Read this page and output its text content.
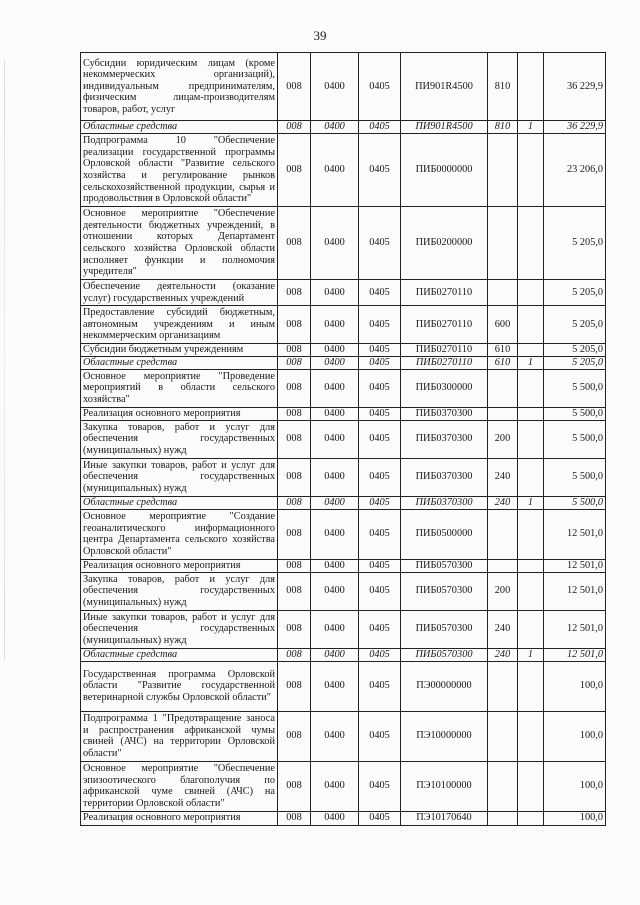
39
Субсидии юридическим лицам (кроме некоммерческих организаций), индивидуальным предпринимателям, физическим лицам-производителям товаров, работ, услуг	008	0400	0405	ПИ901R4500	810		36 229,9
Областные средства	008	0400	0405	ПИ901R4500	810	1	36 229,9
Подпрограмма 10 "Обеспечение реализации государственной программы Орловской области "Развитие сельского хозяйства и регулирование рынков сельскохозяйственной продукции, сырья и продовольствия в Орловской области"	008	0400	0405	ПИБ0000000			23 206,0
Основное мероприятие "Обеспечение деятельности бюджетных учреждений, в отношении которых Департамент сельского хозяйства Орловской области исполняет функции и полномочия учредителя"	008	0400	0405	ПИБ0200000			5 205,0
Обеспечение деятельности (оказание услуг) государственных учреждений	008	0400	0405	ПИБ0270110			5 205,0
Предоставление субсидий бюджетным, автономным учреждениям и иным некоммерческим организациям	008	0400	0405	ПИБ0270110	600		5 205,0
Субсидии бюджетным учреждениям	008	0400	0405	ПИБ0270110	610		5 205,0
Областные средства	008	0400	0405	ПИБ0270110	610	1	5 205,0
Основное мероприятие "Проведение мероприятий в области сельского хозяйства"	008	0400	0405	ПИБ0300000			5 500,0
Реализация основного мероприятия	008	0400	0405	ПИБ0370300			5 500,0
Закупка товаров, работ и услуг для обеспечения государственных (муниципальных) нужд	008	0400	0405	ПИБ0370300	200		5 500,0
Иные закупки товаров, работ и услуг для обеспечения государственных (муниципальных) нужд	008	0400	0405	ПИБ0370300	240		5 500,0
Областные средства	008	0400	0405	ПИБ0370300	240	1	5 500,0
Основное мероприятие "Создание геоаналитического информационного центра Департамента сельского хозяйства Орловской области"	008	0400	0405	ПИБ0500000			12 501,0
Реализация основного мероприятия	008	0400	0405	ПИБ0570300			12 501,0
Закупка товаров, работ и услуг для обеспечения государственных (муниципальных) нужд	008	0400	0405	ПИБ0570300	200		12 501,0
Иные закупки товаров, работ и услуг для обеспечения государственных (муниципальных) нужд	008	0400	0405	ПИБ0570300	240		12 501,0
Областные средства	008	0400	0405	ПИБ0570300	240	1	12 501,0
Государственная программа Орловской области "Развитие государственной ветеринарной службы Орловской области"	008	0400	0405	ПЭ00000000			100,0
Подпрограмма 1 "Предотвращение заноса и распространения африканской чумы свиней (АЧС) на территории Орловской области"	008	0400	0405	ПЭ10000000			100,0
Основное мероприятие "Обеспечение эпизоотического благополучия по африканской чуме свиней (АЧС) на территории Орловской области"	008	0400	0405	ПЭ10100000			100,0
Реализация основного мероприятия	008	0400	0405	ПЭ10170640			100,0
